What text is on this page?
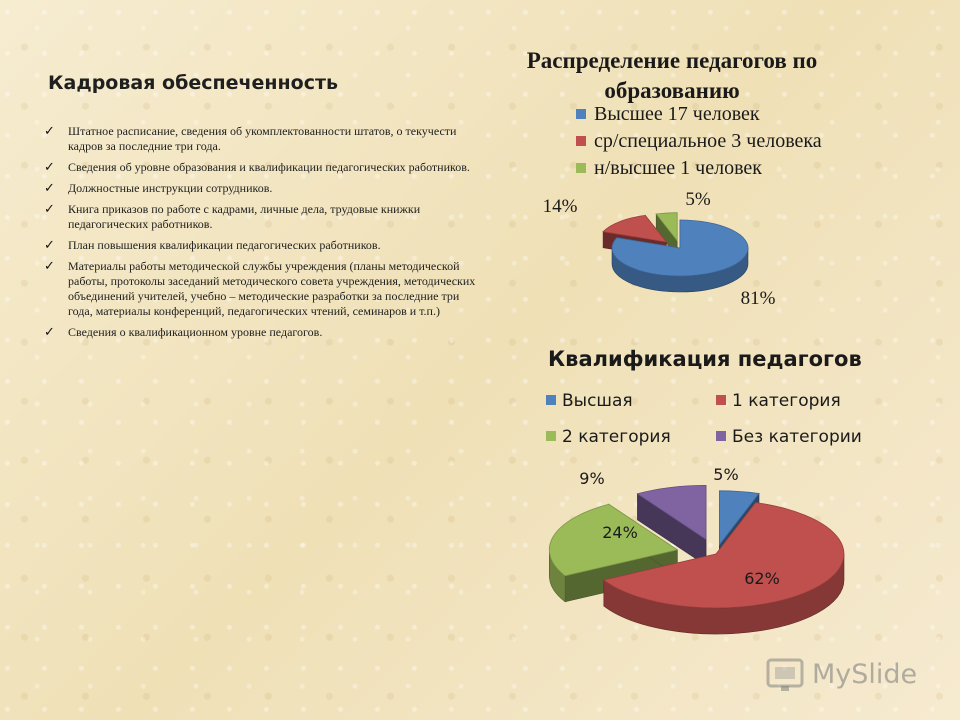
Кадровая обеспеченность
✓ Штатное расписание, сведения об укомплектованности штатов, о текучести кадров за последние три года.
✓ Сведения об уровне образования и квалификации педагогических работников.
✓ Должностные инструкции сотрудников.
✓ Книга приказов по работе с кадрами, личные дела, трудовые книжки педагогических работников.
✓ План повышения квалификации педагогических работников.
✓ Материалы работы методической службы учреждения (планы методической работы, протоколы заседаний методического совета учреждения, методических объединений учителей, учебно – методические разработки за последние три года, материалы конференций, педагогических чтений, семинаров и т.п.)
✓ Сведения о квалификационном уровне педагогов.
Распределение педагогов по
образованию
Высшее 17 человек
ср/специальное 3 человека
н/высшее 1 человек
81%
14%	5%
Квалификация педагогов
Высшая	1 категория
2 категория	Без категории
5%
62%
24%
9%
MySlide
